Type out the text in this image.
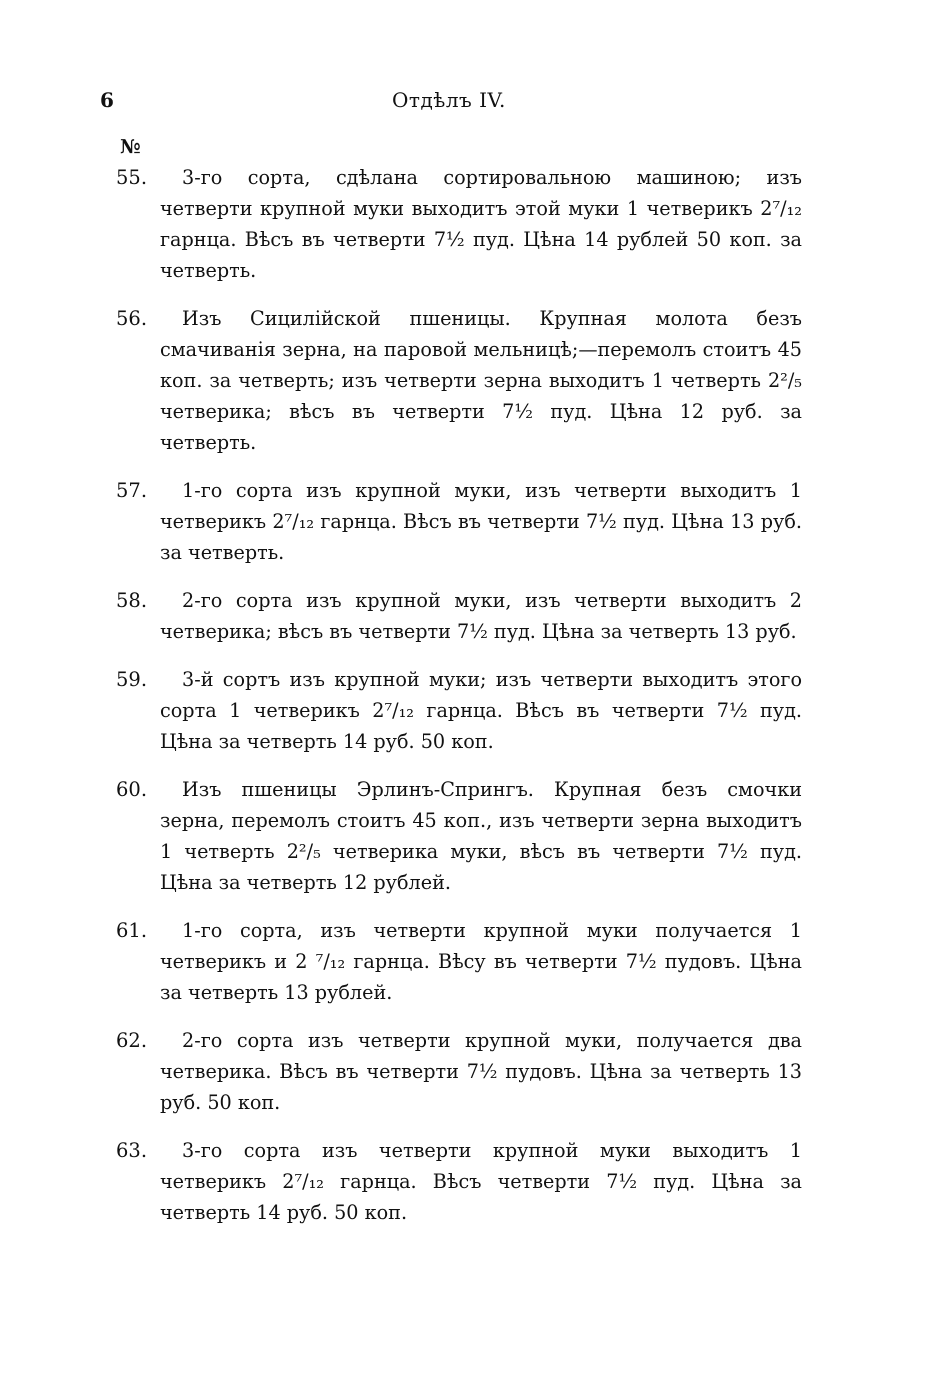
6	Отдѣлъ IV.
№
55.	3-го сорта, сдѣлана сортировальною машиною; изъ четверти крупной муки выходитъ этой муки 1 четверикъ 2⁷/₁₂ гарнца. Вѣсъ въ четверти 7½ пуд. Цѣна 14 рублей 50 коп. за четверть.
56.	Изъ Сицилійской пшеницы. Крупная молота безъ смачиванія зерна, на паровой мельницѣ;—перемолъ стоитъ 45 коп. за четверть; изъ четверти зерна выходитъ 1 четверть 2²/₅ четверика; вѣсъ въ четверти 7½ пуд. Цѣна 12 руб. за четверть.
57.	1-го сорта изъ крупной муки, изъ четверти выходитъ 1 четверикъ 2⁷/₁₂ гарнца. Вѣсъ въ четверти 7½ пуд. Цѣна 13 руб. за четверть.
58.	2-го сорта изъ крупной муки, изъ четверти выходитъ 2 четверика; вѣсъ въ четверти 7½ пуд. Цѣна за четверть 13 руб.
59.	3-й сортъ изъ крупной муки; изъ четверти выходитъ этого сорта 1 четверикъ 2⁷/₁₂ гарнца. Вѣсъ въ четверти 7½ пуд. Цѣна за четверть 14 руб. 50 коп.
60.	Изъ пшеницы Эрлинъ-Спрингъ. Крупная безъ смочки зерна, перемолъ стоитъ 45 коп., изъ четверти зерна выходитъ 1 четверть 2²/₅ четверика муки, вѣсъ въ четверти 7½ пуд. Цѣна за четверть 12 рублей.
61.	1-го сорта, изъ четверти крупной муки получается 1 четверикъ и 2 ⁷/₁₂ гарнца. Вѣсу въ четверти 7½ пудовъ. Цѣна за четверть 13 рублей.
62.	2-го сорта изъ четверти крупной муки, получается два четверика. Вѣсъ въ четверти 7½ пудовъ. Цѣна за четверть 13 руб. 50 коп.
63.	3-го сорта изъ четверти крупной муки выходитъ 1 четверикъ 2⁷/₁₂ гарнца. Вѣсъ четверти 7½ пуд. Цѣна за четверть 14 руб. 50 коп.
